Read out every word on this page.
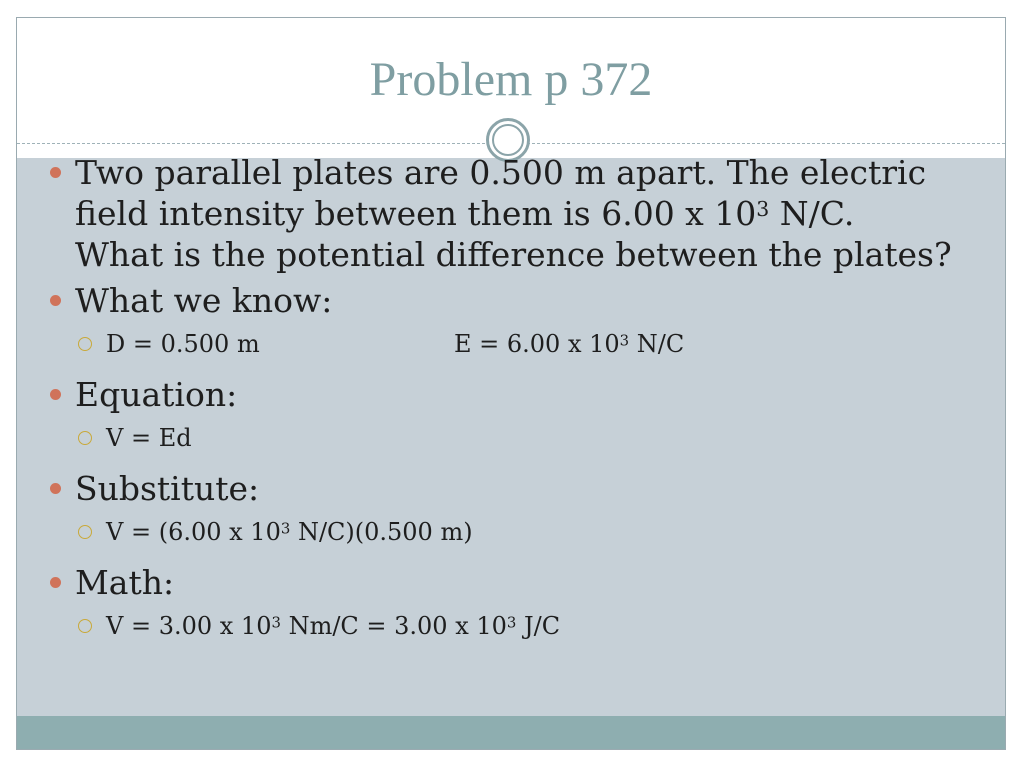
Problem p 372
Two parallel plates are 0.500 m apart. The electric
field intensity between them is 6.00 x $10^3$ N/C.
What is the potential difference between the plates?
What we know:
D = 0.500 m	E = 6.00 x $10^3$ N/C
Equation:
V = Ed
Substitute:
V = (6.00 x $10^3$ N/C)(0.500 m)
Math:
V = 3.00 x $10^3$ Nm/C = 3.00 x $10^3$ J/C
